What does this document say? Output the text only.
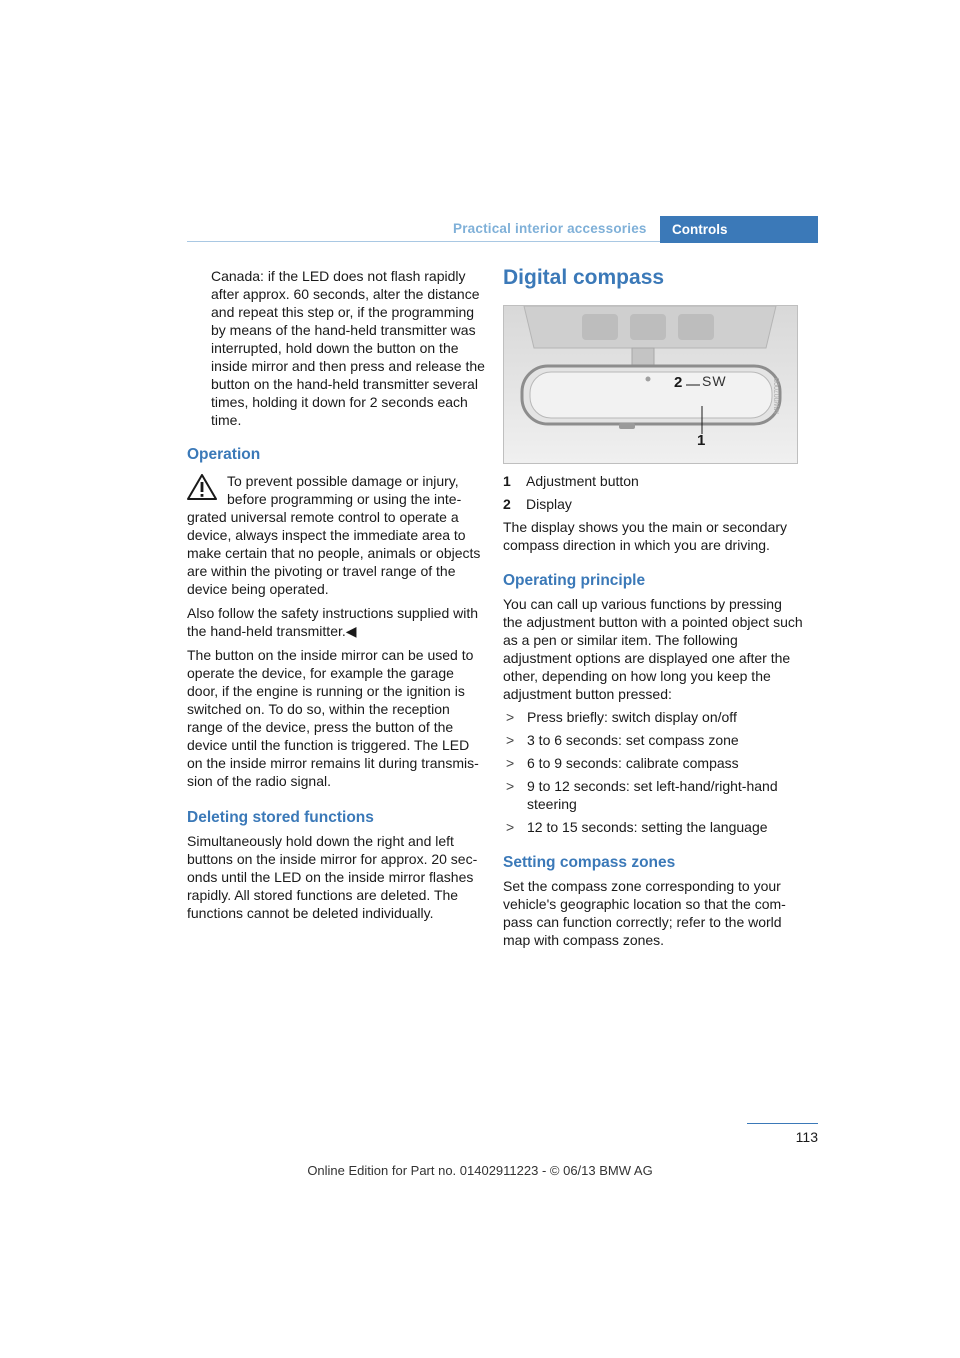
Practical interior accessories Controls

Canada: if the LED does not flash rapidly after approx. 60 seconds, alter the distance and repeat this step or, if the programming by means of the hand-held transmitter was interrupted, hold down the button on the inside mirror and then press and release the button on the hand-held transmitter several times, holding it down for 2 seconds each time.

Operation

To prevent possible damage or injury,

before programming or using the inte-

grated universal remote control to operate a device, always inspect the immediate area to make certain that no people, animals or objects are within the pivoting or travel range of the device being operated.

Also follow the safety instructions supplied with the hand-held transmitter.◀

The button on the inside mirror can be used to operate the device, for example the garage door, if the engine is running or the ignition is switched on. To do so, within the reception range of the device, press the button of the device until the function is triggered. The LED on the inside mirror remains lit during transmis-sion of the radio signal.

Deleting stored functions

Simultaneously hold down the right and left buttons on the inside mirror for approx. 20 sec-onds until the LED on the inside mirror flashes rapidly. All stored functions are deleted. The functions cannot be deleted individually.

Digital compass
SW
2
1
MW00700B
1 Adjustment button
2 Display

The display shows you the main or secondary compass direction in which you are driving.

Operating principle

You can call up various functions by pressing the adjustment button with a pointed object such as a pen or similar item. The following adjustment options are displayed one after the other, depending on how long you keep the adjustment button pressed:

> Press briefly: switch display on/off
> 3 to 6 seconds: set compass zone
> 6 to 9 seconds: calibrate compass
> 9 to 12 seconds: set left-hand/right-hand steering
> 12 to 15 seconds: setting the language
Setting compass zones

Set the compass zone corresponding to your vehicle's geographic location so that the com-pass can function correctly; refer to the world map with compass zones.

113
Online Edition for Part no. 01402911223 - © 06/13 BMW AG
